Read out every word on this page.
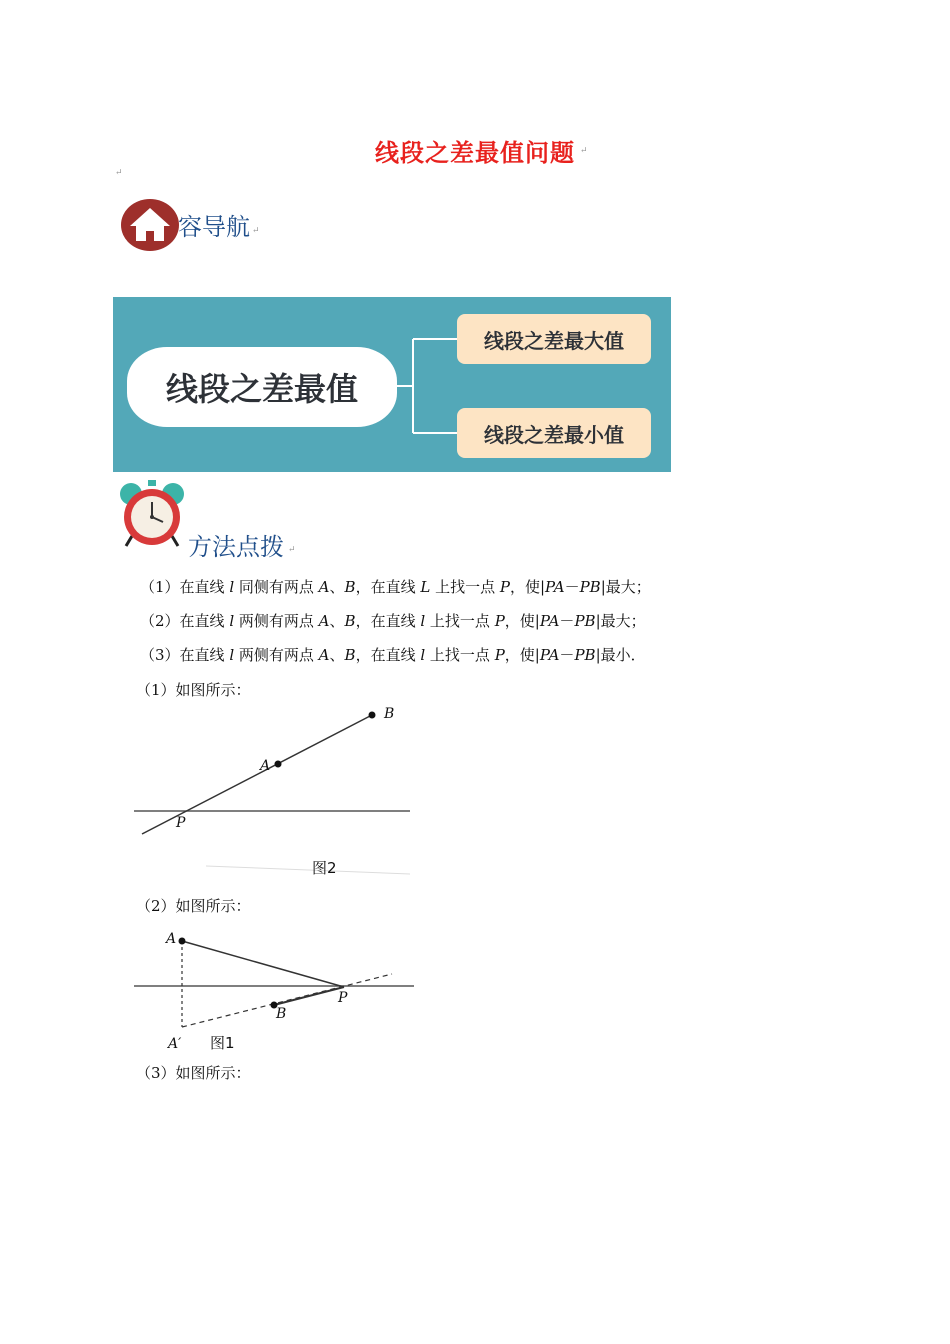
线段之差最值问题 ↵
↵
容导航 ↵
线段之差最值
线段之差最大值
线段之差最小值
方法点拨 ↵
（1）在直线 l 同侧有两点 A、B，在直线 L 上找一点 P，使|PA－PB|最大；
（2）在直线 l 两侧有两点 A、B，在直线 l 上找一点 P，使|PA－PB|最大；
（3）在直线 l 两侧有两点 A、B，在直线 l 上找一点 P，使|PA－PB|最小．
（1）如图所示：
B
A
P
图2
（2）如图所示：
A
B
P
A′ 图1
（3）如图所示：
